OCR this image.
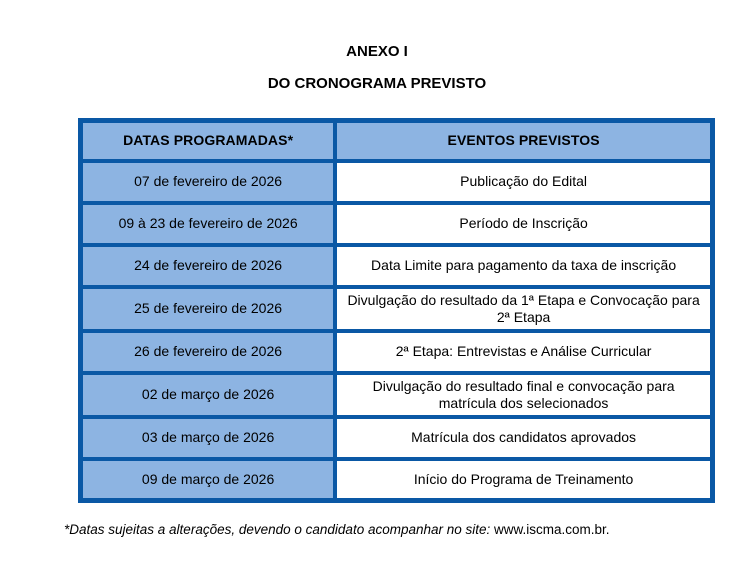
ANEXO I

DO CRONOGRAMA PREVISTO

DATAS PROGRAMADAS*	EVENTOS PREVISTOS
07 de fevereiro de 2026	Publicação do Edital
09 à 23 de fevereiro de 2026	Período de Inscrição
24 de fevereiro de 2026	Data Limite para pagamento da taxa de inscrição
25 de fevereiro de 2026	Divulgação do resultado da 1ª Etapa e Convocação para 2ª Etapa
26 de fevereiro de 2026	2ª Etapa: Entrevistas e Análise Curricular
02 de março de 2026	Divulgação do resultado final e convocação para matrícula dos selecionados
03 de março de 2026	Matrícula dos candidatos aprovados
09 de março de 2026	Início do Programa de Treinamento

*Datas sujeitas a alterações, devendo o candidato acompanhar no site: www.iscma.com.br.
